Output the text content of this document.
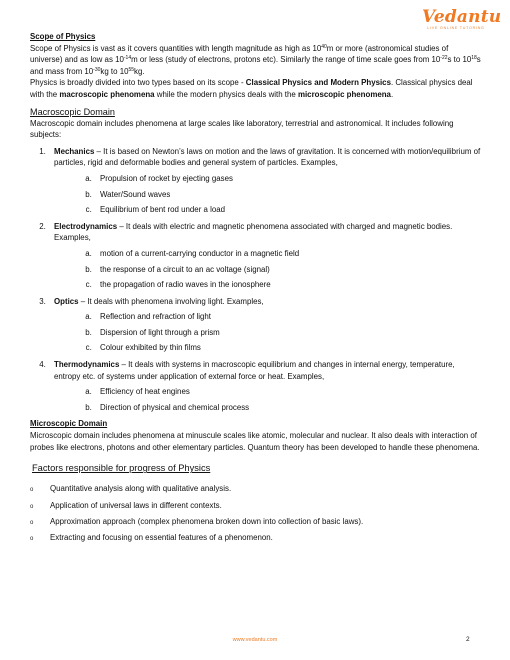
Vedantu
LIVE ONLINE TUTORING

Scope of Physics

Scope of Physics is vast as it covers quantities with length magnitude as high as $10^{40}m$ or more (astronomical studies of universe) and as low as $10^{-14}m$ or less (study of electrons, protons etc). Similarly the range of time scale goes from $10^{-22}s$ to $10^{18}s$ and mass from $10^{-30}kg$ to $10^{55}kg$.

Physics is broadly divided into two types based on its scope - Classical Physics and Modern Physics. Classical physics deal with the macroscopic phenomena while the modern physics deals with the microscopic phenomena.

Macroscopic Domain

Macroscopic domain includes phenomena at large scales like laboratory, terrestrial and astronomical. It includes following subjects:

1. Mechanics – It is based on Newton’s laws on motion and the laws of gravitation. It is concerned with motion/equilibrium of particles, rigid and deformable bodies and general system of particles. Examples,
a. Propulsion of rocket by ejecting gases
b. Water/Sound waves
c. Equilibrium of bent rod under a load
2. Electrodynamics – It deals with electric and magnetic phenomena associated with charged and magnetic bodies. Examples,
a. motion of a current-carrying conductor in a magnetic field
b. the response of a circuit to an ac voltage (signal)
c. the propagation of radio waves in the ionosphere
3. Optics – It deals with phenomena involving light. Examples,
a. Reflection and refraction of light
b. Dispersion of light through a prism
c. Colour exhibited by thin films
4. Thermodynamics – It deals with systems in macroscopic equilibrium and changes in internal energy, temperature, entropy etc. of systems under application of external force or heat. Examples,
a. Efficiency of heat engines
b. Direction of physical and chemical process

Microscopic Domain

Microscopic domain includes phenomena at minuscule scales like atomic, molecular and nuclear. It also deals with interaction of probes like electrons, photons and other elementary particles. Quantum theory has been developed to handle these phenomena.

Factors responsible for progress of Physics

o Quantitative analysis along with qualitative analysis.
o Application of universal laws in different contexts.
o Approximation approach (complex phenomena broken down into collection of basic laws).
o Extracting and focusing on essential features of a phenomenon.
www.vedantu.com	2
